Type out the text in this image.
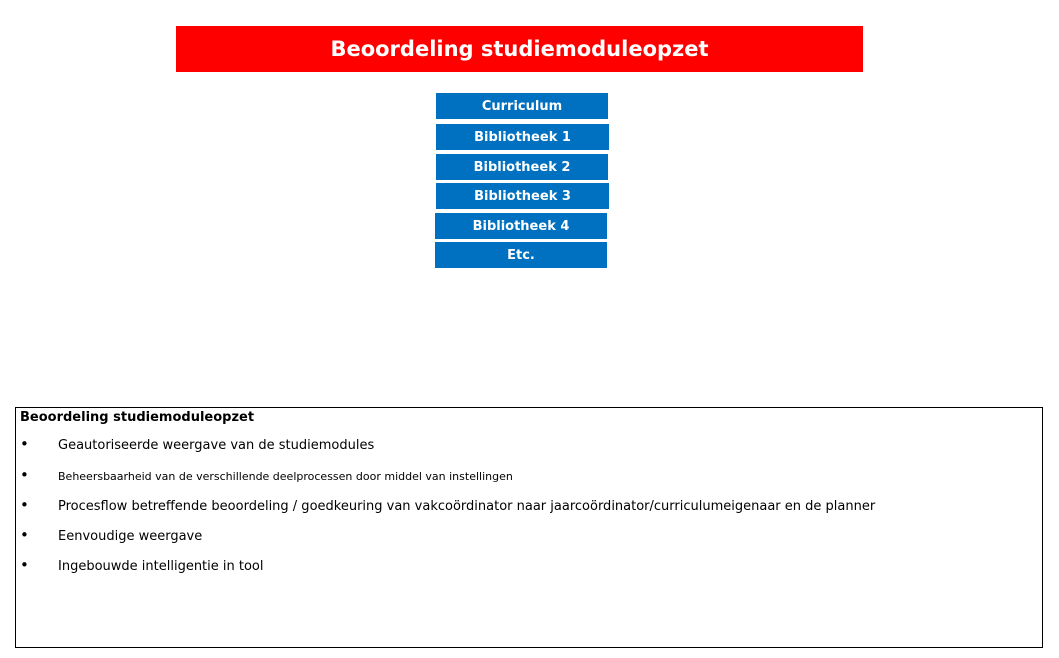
Beoordeling studiemoduleopzet
Curriculum
Bibliotheek 1
Bibliotheek 2
Bibliotheek 3
Bibliotheek 4
Etc.
Beoordeling studiemoduleopzet
• Geautoriseerde weergave van de studiemodules
•	Beheersbaarheid van de verschillende deelprocessen door middel van instellingen
• Procesflow betreffende beoordeling / goedkeuring van vakcoördinator naar jaarcoördinator/curriculumeigenaar en de planner
• Eenvoudige weergave
• Ingebouwde intelligentie in tool
